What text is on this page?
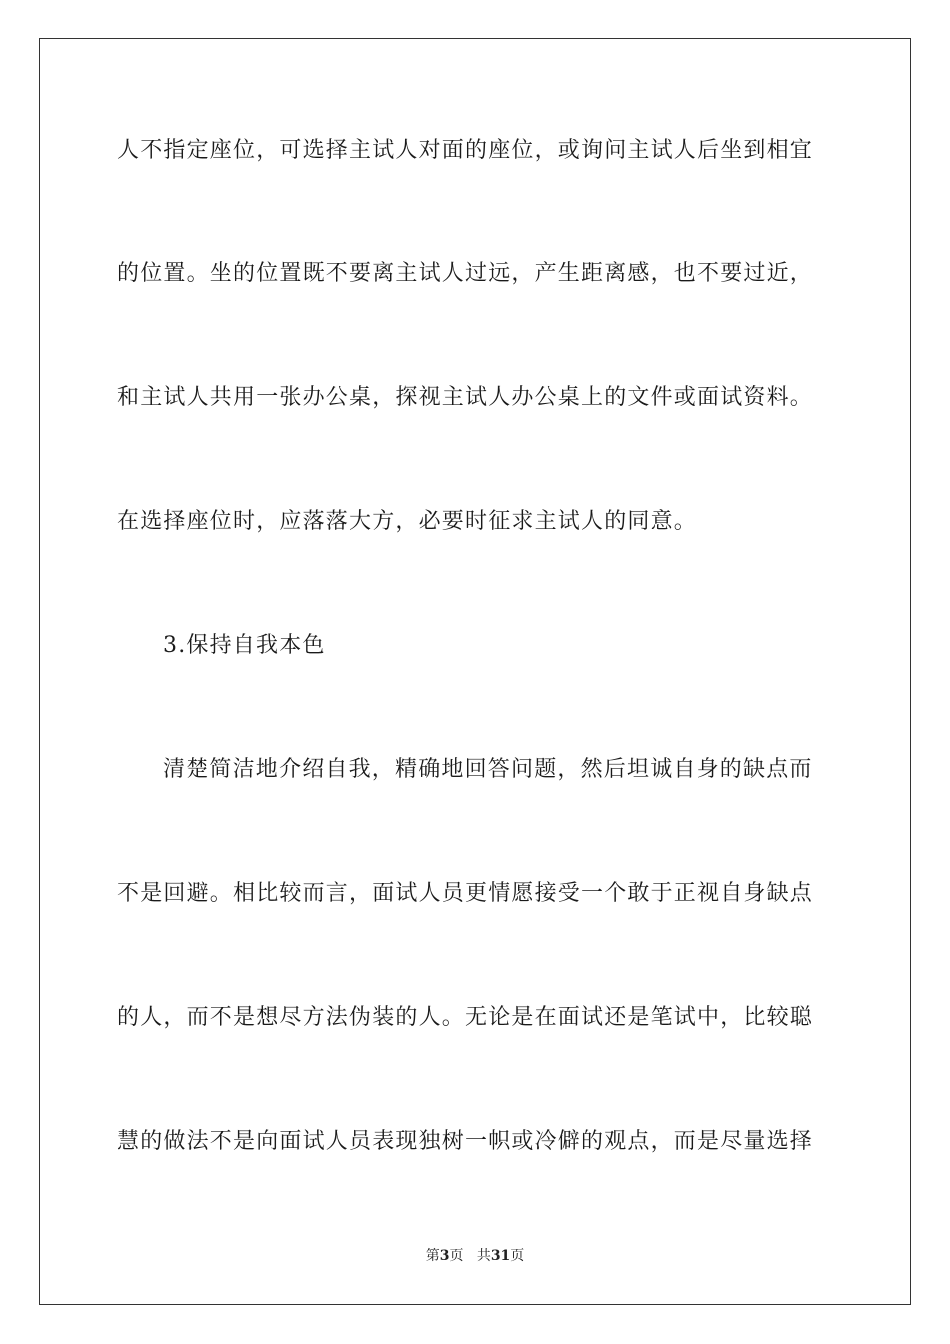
人不指定座位，可选择主试人对面的座位，或询问主试人后坐到相宜
的位置。坐的位置既不要离主试人过远，产生距离感，也不要过近，
和主试人共用一张办公桌，探视主试人办公桌上的文件或面试资料。
在选择座位时，应落落大方，必要时征求主试人的同意。
3.保持自我本色
清楚简洁地介绍自我，精确地回答问题，然后坦诚自身的缺点而
不是回避。相比较而言，面试人员更情愿接受一个敢于正视自身缺点
的人，而不是想尽方法伪装的人。无论是在面试还是笔试中，比较聪
慧的做法不是向面试人员表现独树一帜或冷僻的观点，而是尽量选择
第3页 共31页
